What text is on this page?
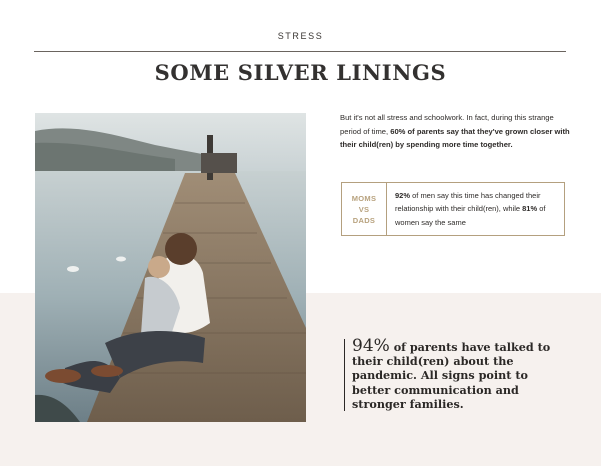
STRESS
SOME SILVER LININGS

But it's not all stress and schoolwork. In fact, during this strange period of time, 60% of parents say that they've grown closer with their child(ren) by spending more time together.

MOMS
VS
DADS
92% of men say this time has changed their relationship with their child(ren), while 81% of women say the same
94% of parents have talked to their child(ren) about the pandemic. All signs point to better communication and stronger families.
